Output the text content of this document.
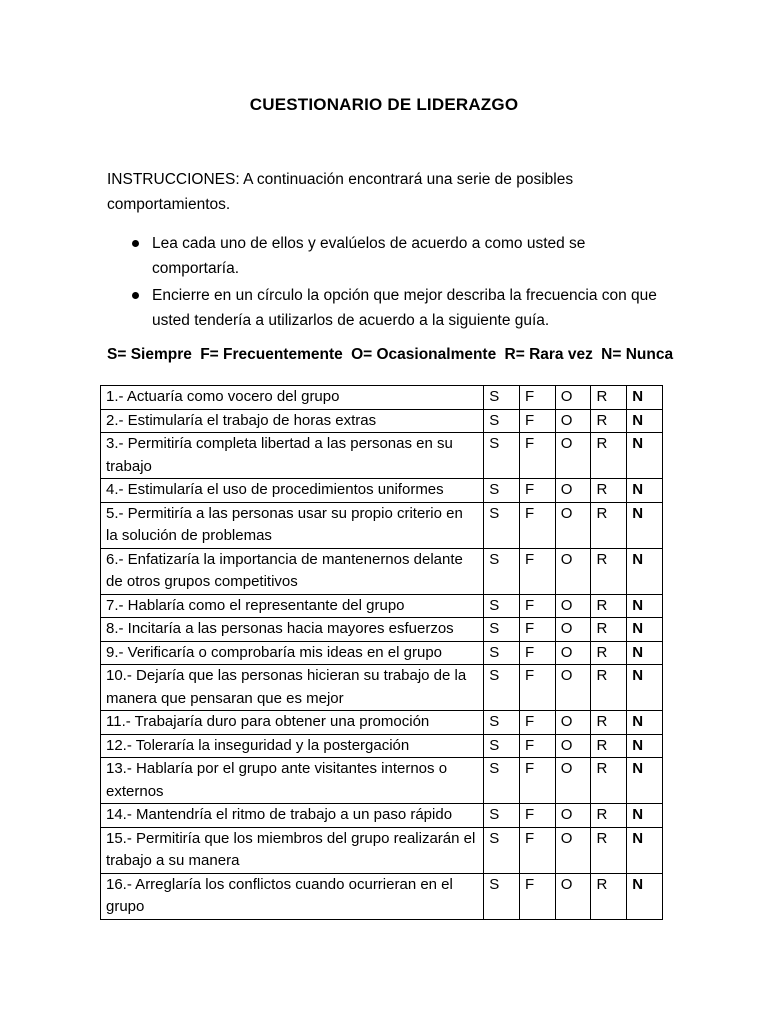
CUESTIONARIO DE LIDERAZGO
INSTRUCCIONES: A continuación encontrará una serie de posibles comportamientos.
Lea cada uno de ellos y evalúelos de acuerdo a como usted se comportaría.
Encierre en un círculo la opción que mejor describa la frecuencia con que usted tendería a utilizarlos de acuerdo a la siguiente guía.
S= Siempre F= Frecuentemente O= Ocasionalmente R= Rara vez N= Nunca
1.- Actuaría como vocero del grupo	S	F	O	R	N
2.- Estimularía el trabajo de horas extras	S	F	O	R	N
3.- Permitiría completa libertad a las personas en su trabajo	S	F	O	R	N
4.- Estimularía el uso de procedimientos uniformes	S	F	O	R	N
5.- Permitiría a las personas usar su propio criterio en la solución de problemas	S	F	O	R	N
6.- Enfatizaría la importancia de mantenernos delante de otros grupos competitivos	S	F	O	R	N
7.- Hablaría como el representante del grupo	S	F	O	R	N
8.- Incitaría a las personas hacia mayores esfuerzos	S	F	O	R	N
9.- Verificaría o comprobaría mis ideas en el grupo	S	F	O	R	N
10.- Dejaría que las personas hicieran su trabajo de la manera que pensaran que es mejor	S	F	O	R	N
11.- Trabajaría duro para obtener una promoción	S	F	O	R	N
12.- Toleraría la inseguridad y la postergación	S	F	O	R	N
13.- Hablaría por el grupo ante visitantes internos o externos	S	F	O	R	N
14.- Mantendría el ritmo de trabajo a un paso rápido	S	F	O	R	N
15.- Permitiría que los miembros del grupo realizarán el trabajo a su manera	S	F	O	R	N
16.- Arreglaría los conflictos cuando ocurrieran en el grupo	S	F	O	R	N
